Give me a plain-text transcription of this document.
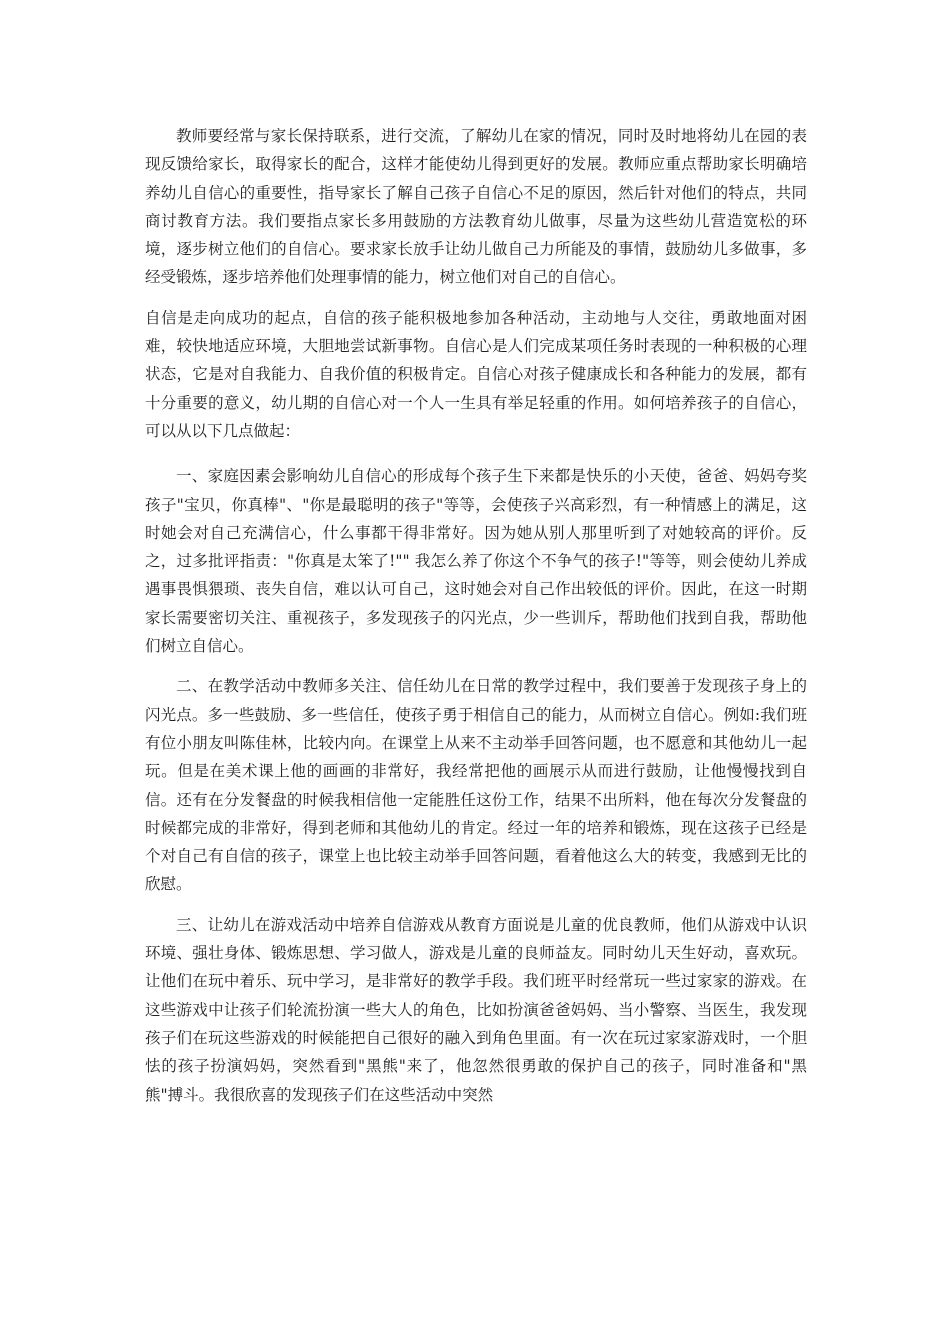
教师要经常与家长保持联系，进行交流，了解幼儿在家的情况，同时及时地将幼儿在园的表现反馈给家长，取得家长的配合，这样才能使幼儿得到更好的发展。教师应重点帮助家长明确培养幼儿自信心的重要性，指导家长了解自己孩子自信心不足的原因，然后针对他们的特点，共同商讨教育方法。我们要指点家长多用鼓励的方法教育幼儿做事，尽量为这些幼儿营造宽松的环境，逐步树立他们的自信心。要求家长放手让幼儿做自己力所能及的事情，鼓励幼儿多做事，多经受锻炼，逐步培养他们处理事情的能力，树立他们对自己的自信心。

自信是走向成功的起点，自信的孩子能积极地参加各种活动，主动地与人交往，勇敢地面对困难，较快地适应环境，大胆地尝试新事物。自信心是人们完成某项任务时表现的一种积极的心理状态，它是对自我能力、自我价值的积极肯定。自信心对孩子健康成长和各种能力的发展，都有十分重要的意义，幼儿期的自信心对一个人一生具有举足轻重的作用。如何培养孩子的自信心，可以从以下几点做起：

一、家庭因素会影响幼儿自信心的形成每个孩子生下来都是快乐的小天使，爸爸、妈妈夸奖孩子"宝贝，你真棒"、"你是最聪明的孩子"等等，会使孩子兴高彩烈，有一种情感上的满足，这时她会对自己充满信心，什么事都干得非常好。因为她从别人那里听到了对她较高的评价。反之，过多批评指责："你真是太笨了!"" 我怎么养了你这个不争气的孩子!"等等，则会使幼儿养成遇事畏惧猥琐、丧失自信，难以认可自己，这时她会对自己作出较低的评价。因此，在这一时期家长需要密切关注、重视孩子，多发现孩子的闪光点，少一些训斥，帮助他们找到自我，帮助他们树立自信心。

二、在教学活动中教师多关注、信任幼儿在日常的教学过程中，我们要善于发现孩子身上的闪光点。多一些鼓励、多一些信任，使孩子勇于相信自己的能力，从而树立自信心。例如:我们班有位小朋友叫陈佳林，比较内向。在课堂上从来不主动举手回答问题，也不愿意和其他幼儿一起玩。但是在美术课上他的画画的非常好，我经常把他的画展示从而进行鼓励，让他慢慢找到自信。还有在分发餐盘的时候我相信他一定能胜任这份工作，结果不出所料，他在每次分发餐盘的时候都完成的非常好，得到老师和其他幼儿的肯定。经过一年的培养和锻炼，现在这孩子已经是个对自己有自信的孩子，课堂上也比较主动举手回答问题，看着他这么大的转变，我感到无比的欣慰。

三、让幼儿在游戏活动中培养自信游戏从教育方面说是儿童的优良教师，他们从游戏中认识环境、强壮身体、锻炼思想、学习做人，游戏是儿童的良师益友。同时幼儿天生好动，喜欢玩。让他们在玩中着乐、玩中学习，是非常好的教学手段。我们班平时经常玩一些过家家的游戏。在这些游戏中让孩子们轮流扮演一些大人的角色，比如扮演爸爸妈妈、当小警察、当医生，我发现孩子们在玩这些游戏的时候能把自己很好的融入到角色里面。有一次在玩过家家游戏时，一个胆怯的孩子扮演妈妈，突然看到"黑熊"来了，他忽然很勇敢的保护自己的孩子，同时准备和"黑熊"搏斗。我很欣喜的发现孩子们在这些活动中突然
